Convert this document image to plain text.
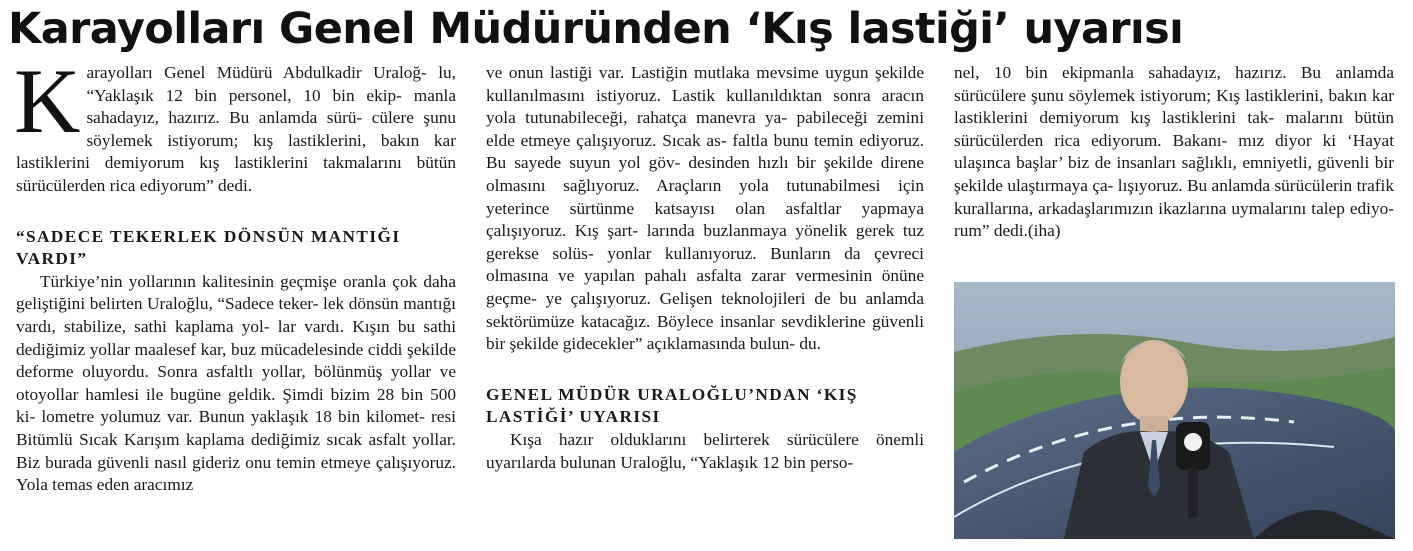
Karayolları Genel Müdüründen ‘Kış lastiği’ uyarısı

Karayolları Genel Müdürü Abdulkadir Uraloğ- lu, “Yaklaşık 12 bin personel, 10 bin ekip- manla sahadayız, hazırız. Bu anlamda sürü- cülere şunu söylemek istiyorum; kış lastiklerini, bakın kar lastiklerini demiyorum kış lastiklerini takmalarını bütün sürücülerden rica ediyorum” dedi.

“SADECE TEKERLEK DÖNSÜN MANTIĞI VARDI”

Türkiye’nin yollarının kalitesinin geçmişe oranla çok daha geliştiğini belirten Uraloğlu, “Sadece teker- lek dönsün mantığı vardı, stabilize, sathi kaplama yol- lar vardı. Kışın bu sathi dediğimiz yollar maalesef kar, buz mücadelesinde ciddi şekilde deforme oluyordu. Sonra asfaltlı yollar, bölünmüş yollar ve otoyollar hamlesi ile bugüne geldik. Şimdi bizim 28 bin 500 ki- lometre yolumuz var. Bunun yaklaşık 18 bin kilomet- resi Bitümlü Sıcak Karışım kaplama dediğimiz sıcak asfalt yollar. Biz burada güvenli nasıl gideriz onu temin etmeye çalışıyoruz. Yola temas eden aracımız

ve onun lastiği var. Lastiğin mutlaka mevsime uygun şekilde kullanılmasını istiyoruz. Lastik kullanıldıktan sonra aracın yola tutunabileceği, rahatça manevra ya- pabileceği zemini elde etmeye çalışıyoruz. Sıcak as- faltla bunu temin ediyoruz. Bu sayede suyun yol göv- desinden hızlı bir şekilde direne olmasını sağlıyoruz. Araçların yola tutunabilmesi için yeterince sürtünme katsayısı olan asfaltlar yapmaya çalışıyoruz. Kış şart- larında buzlanmaya yönelik gerek tuz gerekse solüs- yonlar kullanıyoruz. Bunların da çevreci olmasına ve yapılan pahalı asfalta zarar vermesinin önüne geçme- ye çalışıyoruz. Gelişen teknolojileri de bu anlamda sektörümüze katacağız. Böylece insanlar sevdiklerine güvenli bir şekilde gidecekler” açıklamasında bulun- du.

GENEL MÜDÜR URALOĞLU’NDAN ‘KIŞ LASTİĞİ’ UYARISI

Kışa hazır olduklarını belirterek sürücülere önemli uyarılarda bulunan Uraloğlu, “Yaklaşık 12 bin perso-

nel, 10 bin ekipmanla sahadayız, hazırız. Bu anlamda sürücülere şunu söylemek istiyorum; Kış lastiklerini, bakın kar lastiklerini demiyorum kış lastiklerini tak- malarını bütün sürücülerden rica ediyorum. Bakanı- mız diyor ki ‘Hayat ulaşınca başlar’ biz de insanları sağlıklı, emniyetli, güvenli bir şekilde ulaştırmaya ça- lışıyoruz. Bu anlamda sürücülerin trafik kurallarına, arkadaşlarımızın ikazlarına uymalarını talep ediyo- rum” dedi.(iha)
